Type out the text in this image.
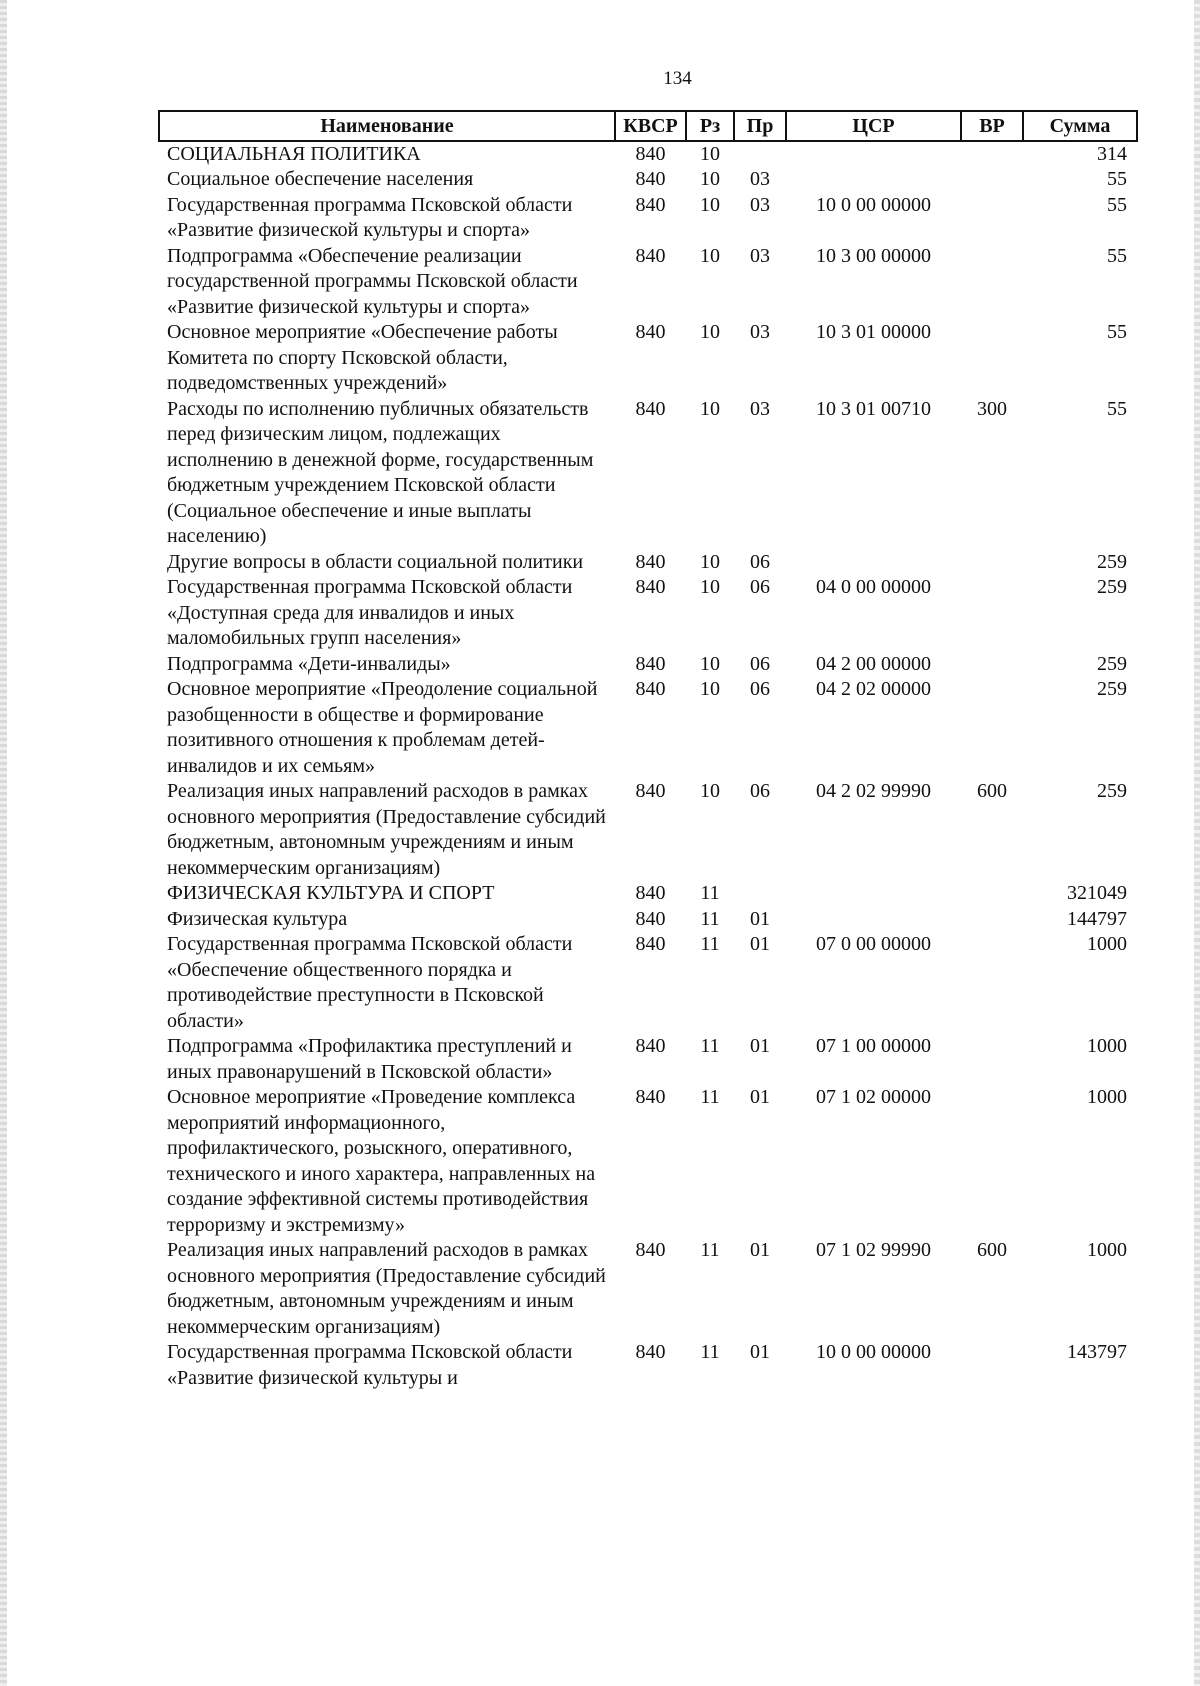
134
Наименование	КВСР	Рз	Пр	ЦСР	ВР	Сумма
СОЦИАЛЬНАЯ ПОЛИТИКА	840	10				314
Социальное обеспечение населения	840	10	03			55
Государственная программа Псковской области «Развитие физической культуры и спорта»	840	10	03	10 0 00 00000		55
Подпрограмма «Обеспечение реализации государственной программы Псковской области «Развитие физической культуры и спорта»	840	10	03	10 3 00 00000		55
Основное мероприятие «Обеспечение работы Комитета по спорту Псковской области, подведомственных учреждений»	840	10	03	10 3 01 00000		55
Расходы по исполнению публичных обязательств перед физическим лицом, подлежащих исполнению в денежной форме, государственным бюджетным учреждением Псковской области (Социальное обеспечение и иные выплаты населению)	840	10	03	10 3 01 00710	300	55
Другие вопросы в области социальной политики	840	10	06			259
Государственная программа Псковской области «Доступная среда для инвалидов и иных маломобильных групп населения»	840	10	06	04 0 00 00000		259
Подпрограмма «Дети-инвалиды»	840	10	06	04 2 00 00000		259
Основное мероприятие «Преодоление социальной разобщенности в обществе и формирование позитивного отношения к проблемам детей-инвалидов и их семьям»	840	10	06	04 2 02 00000		259
Реализация иных направлений расходов в рамках основного мероприятия (Предоставление субсидий бюджетным, автономным учреждениям и иным некоммерческим организациям)	840	10	06	04 2 02 99990	600	259
ФИЗИЧЕСКАЯ КУЛЬТУРА И СПОРТ	840	11				321049
Физическая культура	840	11	01			144797
Государственная программа Псковской области «Обеспечение общественного порядка и противодействие преступности в Псковской области»	840	11	01	07 0 00 00000		1000
Подпрограмма «Профилактика преступлений и иных правонарушений в Псковской области»	840	11	01	07 1 00 00000		1000
Основное мероприятие «Проведение комплекса мероприятий информационного, профилактического, розыскного, оперативного, технического и иного характера, направленных на создание эффективной системы противодействия терроризму и экстремизму»	840	11	01	07 1 02 00000		1000
Реализация иных направлений расходов в рамках основного мероприятия (Предоставление субсидий бюджетным, автономным учреждениям и иным некоммерческим организациям)	840	11	01	07 1 02 99990	600	1000
Государственная программа Псковской области «Развитие физической культуры и	840	11	01	10 0 00 00000		143797
